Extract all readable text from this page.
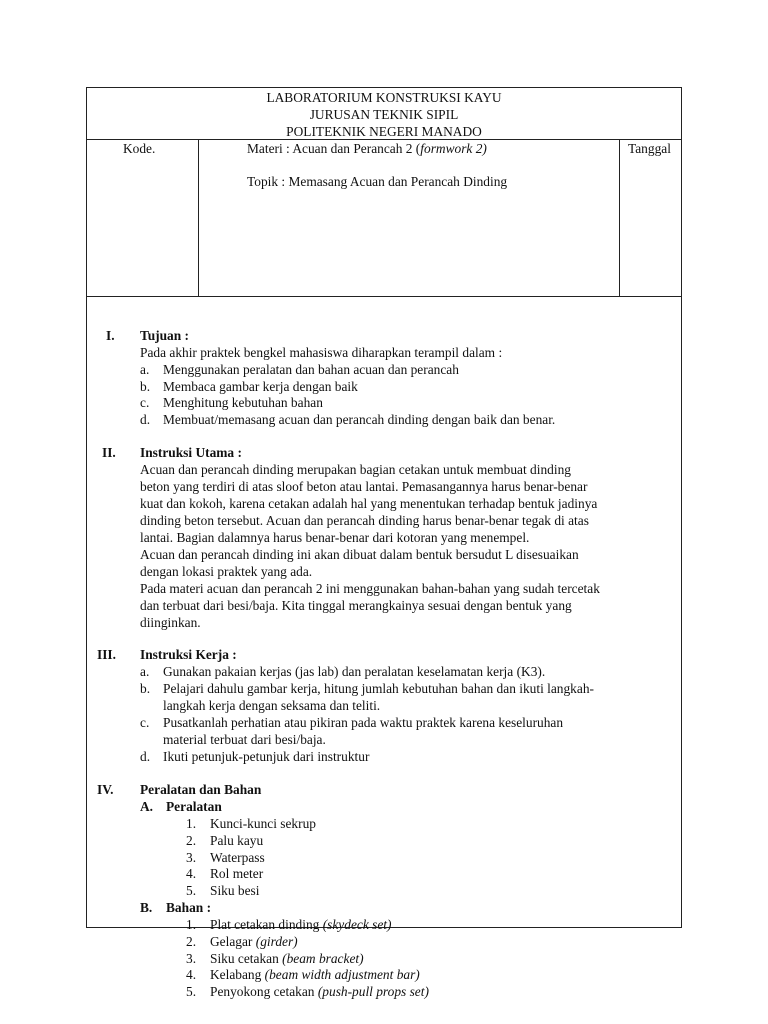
LABORATORIUM KONSTRUKSI KAYU
JURUSAN TEKNIK SIPIL
POLITEKNIK NEGERI MANADO
Kode.	Materi : Acuan dan Perancah 2 (formwork 2)
Topik : Memasang Acuan dan Perancah Dinding
Tanggal
I. Tujuan :
Pada akhir praktek bengkel mahasiswa diharapkan terampil dalam :
a. Menggunakan peralatan dan bahan acuan dan perancah
b. Membaca gambar kerja dengan baik
c. Menghitung kebutuhan bahan
d. Membuat/memasang acuan dan perancah dinding dengan baik dan benar.
II. Instruksi Utama :
Acuan dan perancah dinding merupakan bagian cetakan untuk membuat dinding
beton yang terdiri di atas sloof beton atau lantai. Pemasangannya harus benar-benar
kuat dan kokoh, karena cetakan adalah hal yang menentukan terhadap bentuk jadinya
dinding beton tersebut. Acuan dan perancah dinding harus benar-benar tegak di atas
lantai. Bagian dalamnya harus benar-benar dari kotoran yang menempel.
Acuan dan perancah dinding ini akan dibuat dalam bentuk bersudut L disesuaikan
dengan lokasi praktek yang ada.
Pada materi acuan dan perancah 2 ini menggunakan bahan-bahan yang sudah tercetak
dan terbuat dari besi/baja. Kita tinggal merangkainya sesuai dengan bentuk yang
diinginkan.
III. Instruksi Kerja :
a. Gunakan pakaian kerjas (jas lab) dan peralatan keselamatan kerja (K3).
b. Pelajari dahulu gambar kerja, hitung jumlah kebutuhan bahan dan ikuti langkah-
langkah kerja dengan seksama dan teliti.
c. Pusatkanlah perhatian atau pikiran pada waktu praktek karena keseluruhan
material terbuat dari besi/baja.
d. Ikuti petunjuk-petunjuk dari instruktur
IV. Peralatan dan Bahan
A. Peralatan
1. Kunci-kunci sekrup
2. Palu kayu
3. Waterpass
4. Rol meter
5. Siku besi
B. Bahan :
1. Plat cetakan dinding (skydeck set)
2. Gelagar (girder)
3. Siku cetakan (beam bracket)
4. Kelabang (beam width adjustment bar)
5. Penyokong cetakan (push-pull props set)
